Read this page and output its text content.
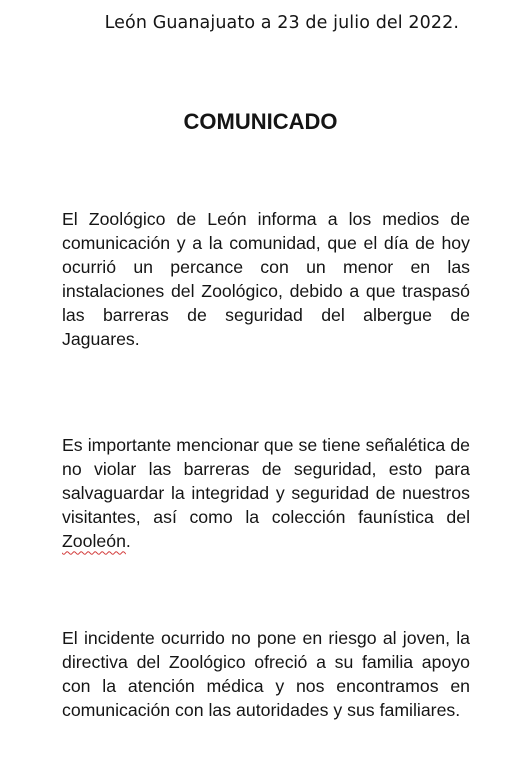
León Guanajuato a 23 de julio del 2022.
COMUNICADO

El Zoológico de León informa a los medios de comunicación y a la comunidad, que el día de hoy ocurrió un percance con un menor en las instalaciones del Zoológico, debido a que traspasó las barreras de seguridad del albergue de Jaguares.

Es importante mencionar que se tiene señalética de no violar las barreras de seguridad, esto para salvaguardar la integridad y seguridad de nuestros visitantes, así como la colección faunística del Zooleón.

El incidente ocurrido no pone en riesgo al joven, la directiva del Zoológico ofreció a su familia apoyo con la atención médica y nos encontramos en comunicación con las autoridades y sus familiares.
